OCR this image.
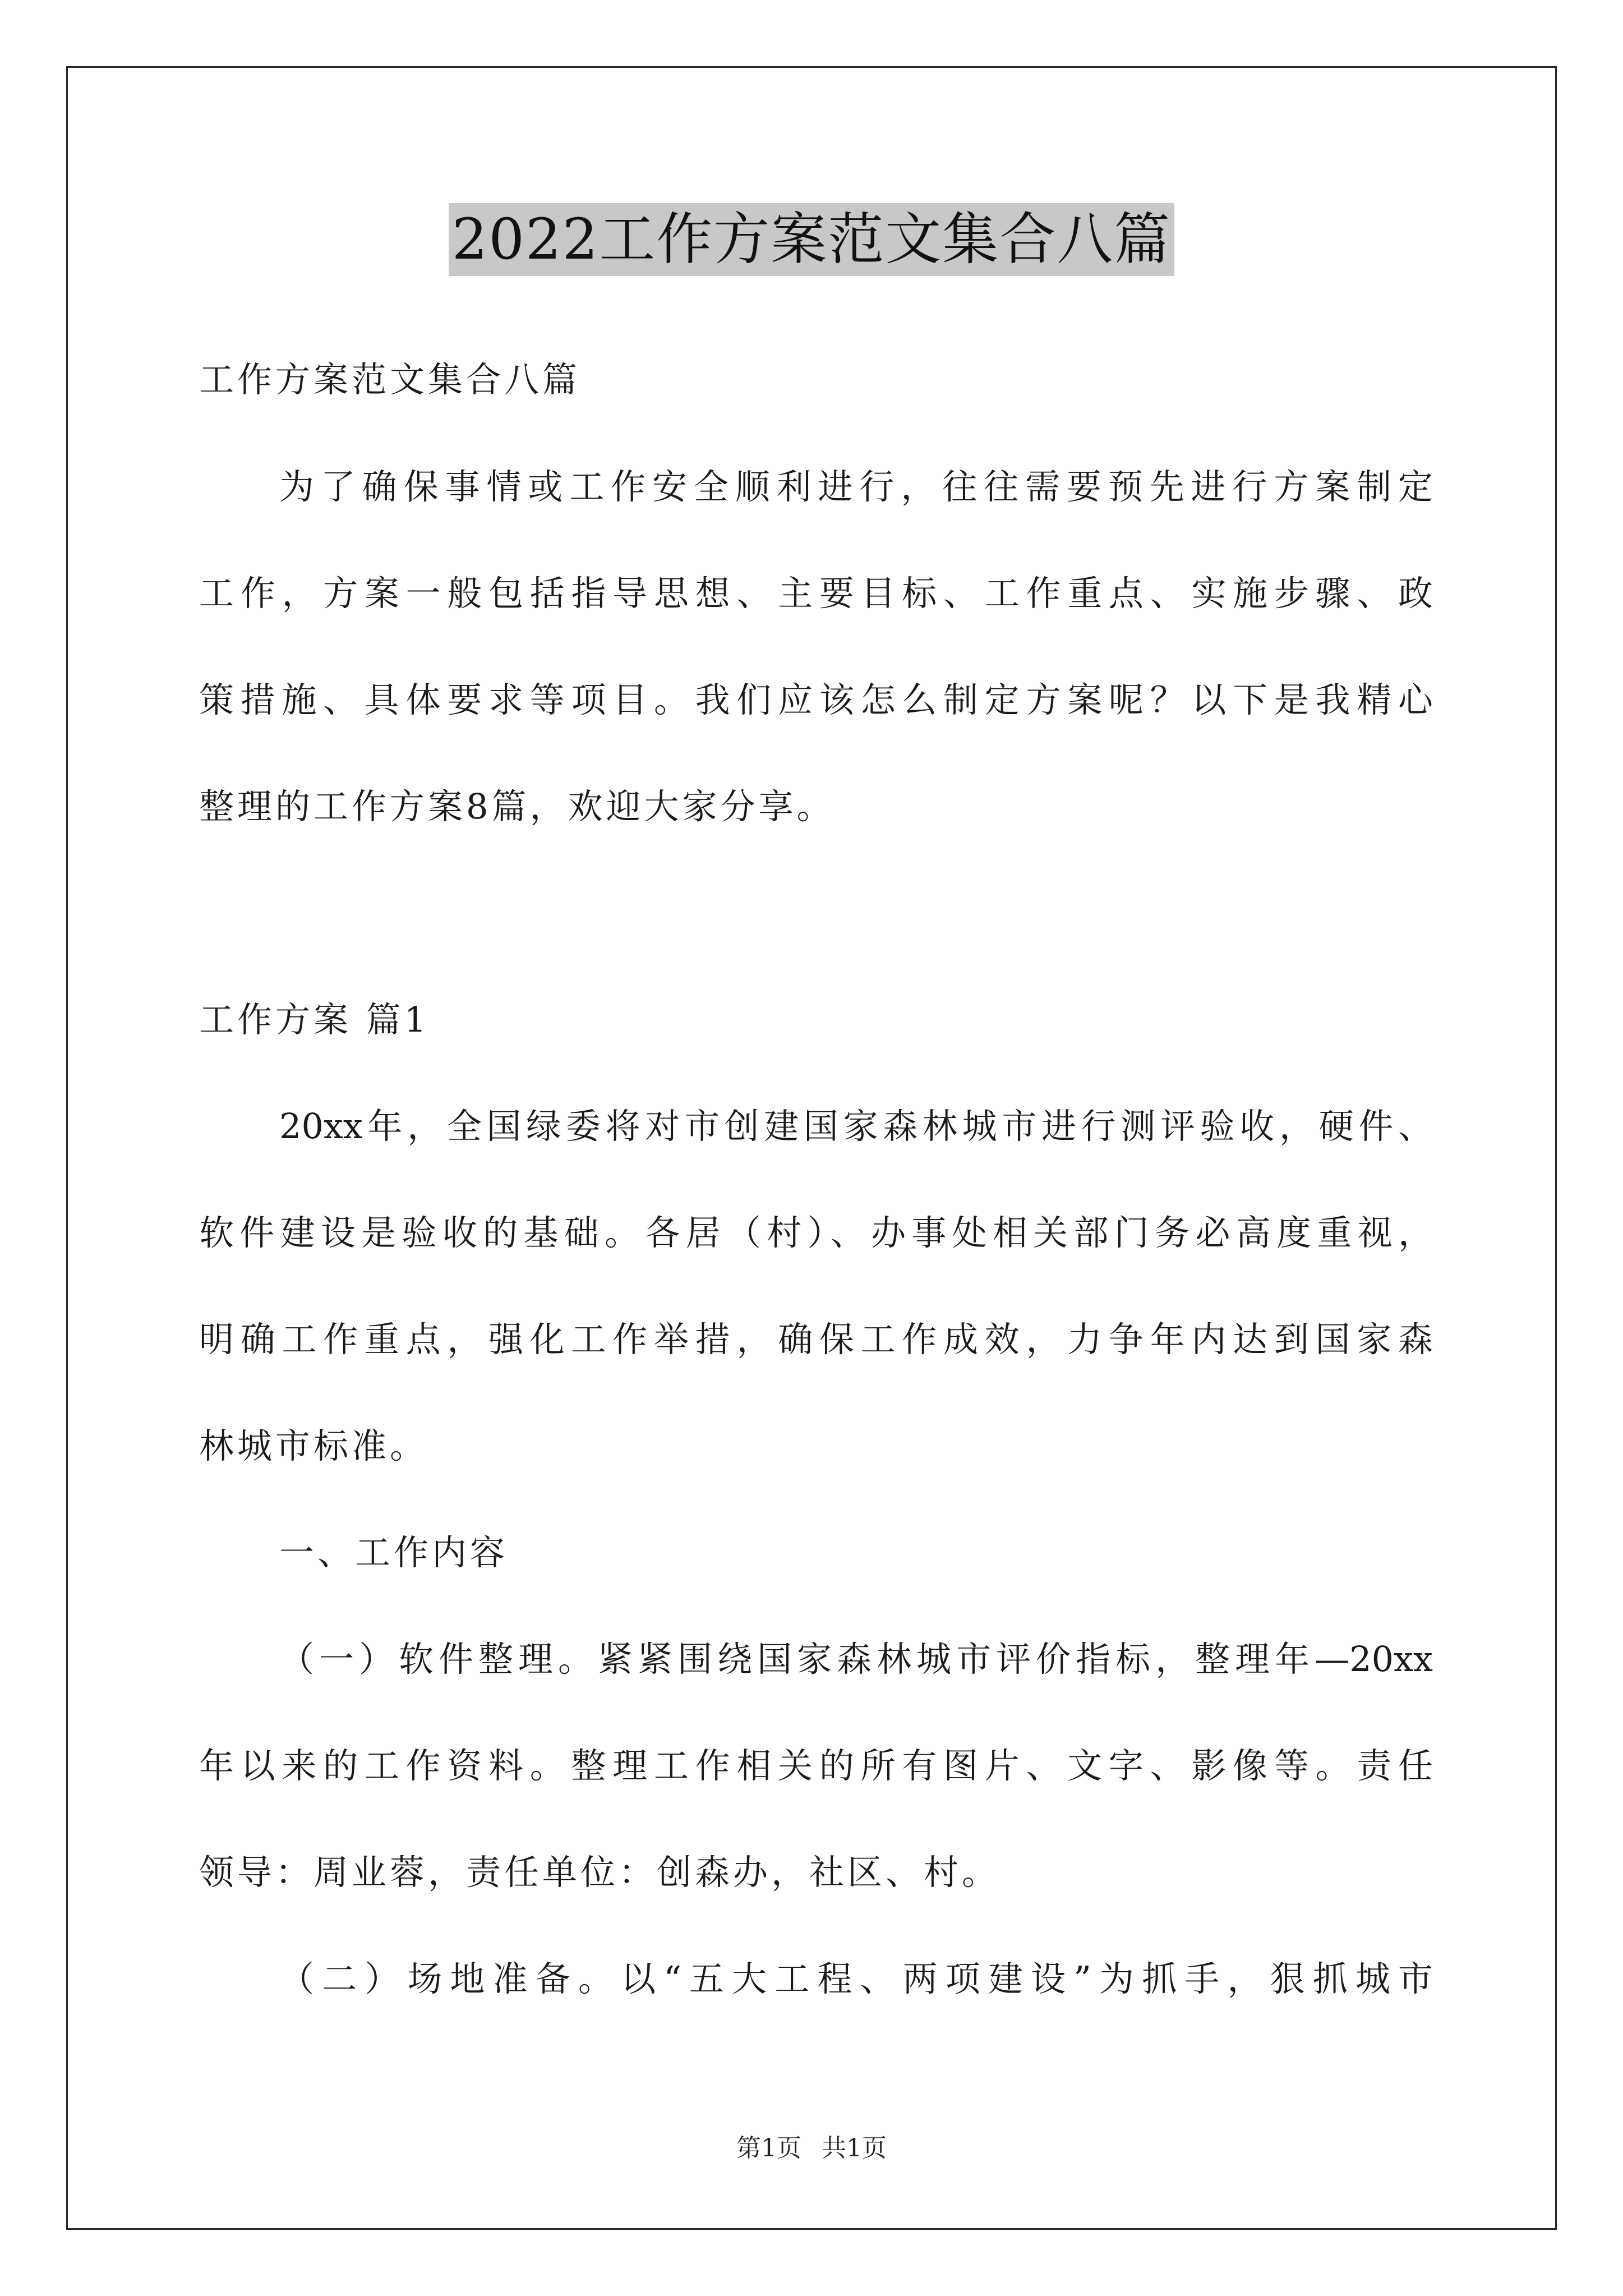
2022工作方案范文集合八篇
工作方案范文集合八篇
为了确保事情或工作安全顺利进行，往往需要预先进行方案制定
工作，方案一般包括指导思想、主要目标、工作重点、实施步骤、政
策措施、具体要求等项目。我们应该怎么制定方案呢？以下是我精心
整理的工作方案8篇，欢迎大家分享。
工作方案 篇1
20xx年，全国绿委将对市创建国家森林城市进行测评验收，硬件、
软件建设是验收的基础。各居（村）、办事处相关部门务必高度重视，
明确工作重点，强化工作举措，确保工作成效，力争年内达到国家森
林城市标准。
一、工作内容
（一）软件整理。紧紧围绕国家森林城市评价指标，整理年—20xx
年以来的工作资料。整理工作相关的所有图片、文字、影像等。责任
领导：周业蓉，责任单位：创森办，社区、村。
（二）场地准备。以“五大工程、两项建设”为抓手，狠抓城市
第1页 共1页
